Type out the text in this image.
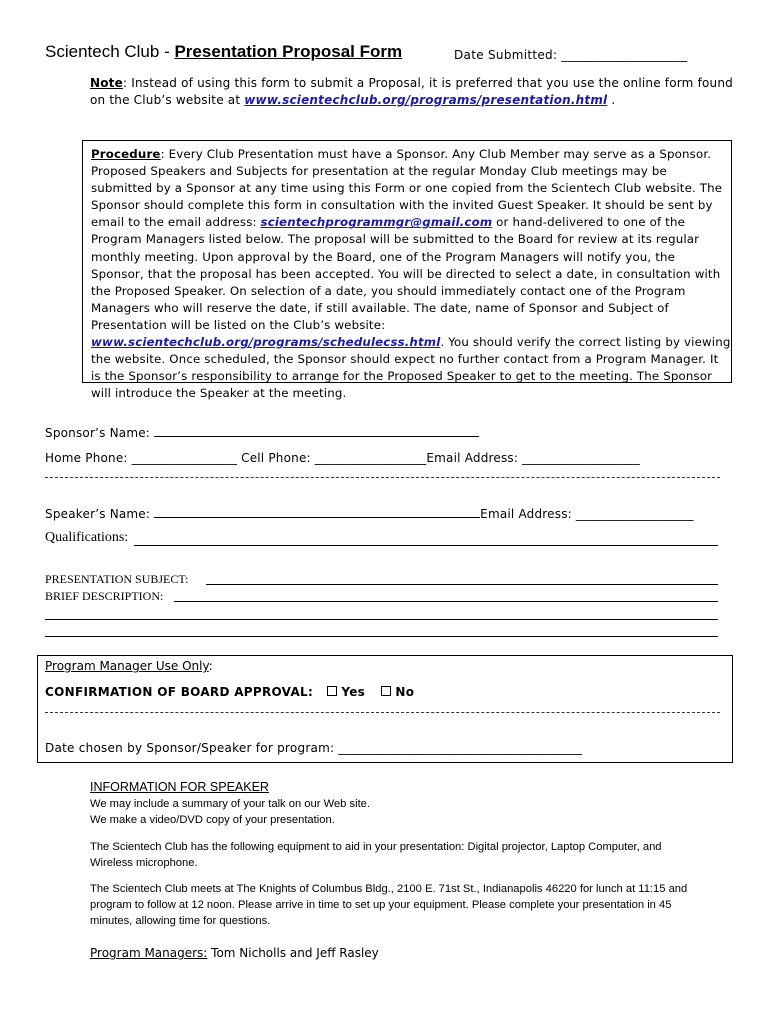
Scientech Club - Presentation Proposal Form	Date Submitted: ____________________
Note: Instead of using this form to submit a Proposal, it is preferred that you use the online form found
on the Club’s website at www.scientechclub.org/programs/presentation.html .
Procedure: Every Club Presentation must have a Sponsor. Any Club Member may serve as a Sponsor. Proposed Speakers and Subjects for presentation at the regular Monday Club meetings may be submitted by a Sponsor at any time using this Form or one copied from the Scientech Club website. The Sponsor should complete this form in consultation with the invited Guest Speaker. It should be sent by email to the email address: scientechprogrammgr@gmail.com or hand-delivered to one of the Program Managers listed below. The proposal will be submitted to the Board for review at its regular monthly meeting. Upon approval by the Board, one of the Program Managers will notify you, the Sponsor, that the proposal has been accepted. You will be directed to select a date, in consultation with the Proposed Speaker. On selection of a date, you should immediately contact one of the Program Managers who will reserve the date, if still available. The date, name of Sponsor and Subject of Presentation will be listed on the Club’s website: www.scientechclub.org/programs/schedulecss.html. You should verify the correct listing by viewing the website. Once scheduled, the Sponsor should expect no further contact from a Program Manager. It is the Sponsor’s responsibility to arrange for the Proposed Speaker to get to the meeting. The Sponsor will introduce the Speaker at the meeting.
Sponsor’s Name:
Home Phone: _________________ Cell Phone: __________________Email Address: ___________________
Speaker’s Name:	Email Address: ___________________
Qualifications:
PRESENTATION SUBJECT:
BRIEF DESCRIPTION:
Program Manager Use Only:
CONFIRMATION OF BOARD APPROVAL: Yes	No
Date chosen by Sponsor/Speaker for program: _______________________________________
INFORMATION FOR SPEAKER
We may include a summary of your talk on our Web site.
We make a video/DVD copy of your presentation.

The Scientech Club has the following equipment to aid in your presentation: Digital projector, Laptop Computer, and Wireless microphone.

The Scientech Club meets at The Knights of Columbus Bldg., 2100 E. 71st St., Indianapolis 46220 for lunch at 11:15 and program to follow at 12 noon. Please arrive in time to set up your equipment. Please complete your presentation in 45 minutes, allowing time for questions.

Program Managers: Tom Nicholls and Jeff Rasley
